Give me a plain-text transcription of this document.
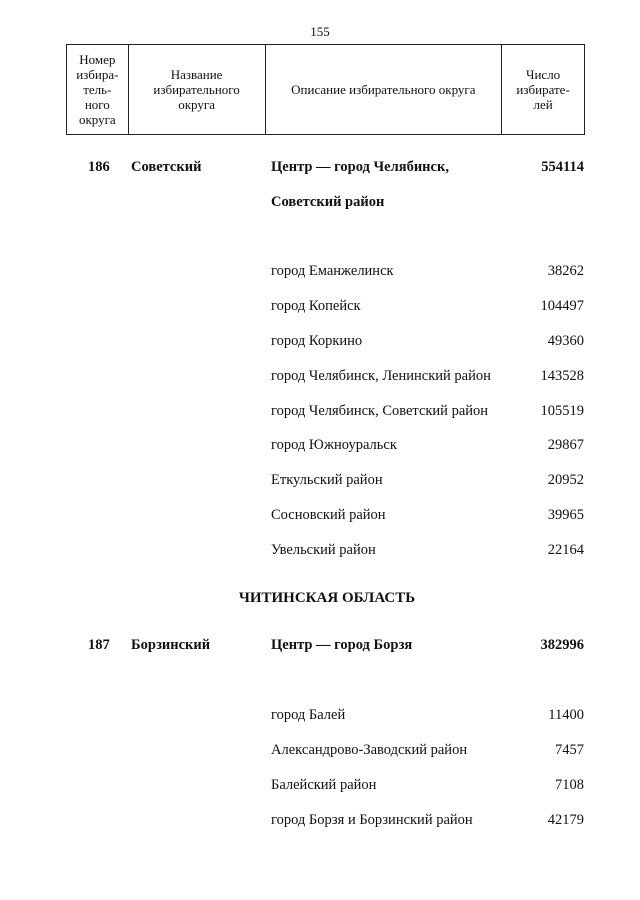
155
Номер
избира-
тель-
ного
округа	Название
избирательного
округа	Описание избирательного округа	Число
избирате-
лей
186 Советский	Центр — город Челябинск,	554114
Советский район
город Еманжелинск	38262
город Копейск	104497
город Коркино	49360
город Челябинск, Ленинский район	143528
город Челябинск, Советский район	105519
город Южноуральск	29867
Еткульский район	20952
Сосновский район	39965
Увельский район	22164
ЧИТИНСКАЯ ОБЛАСТЬ
187 Борзинский	Центр — город Борзя	382996
город Балей	11400
Александрово-Заводский район	7457
Балейский район	7108
город Борзя и Борзинский район	42179
